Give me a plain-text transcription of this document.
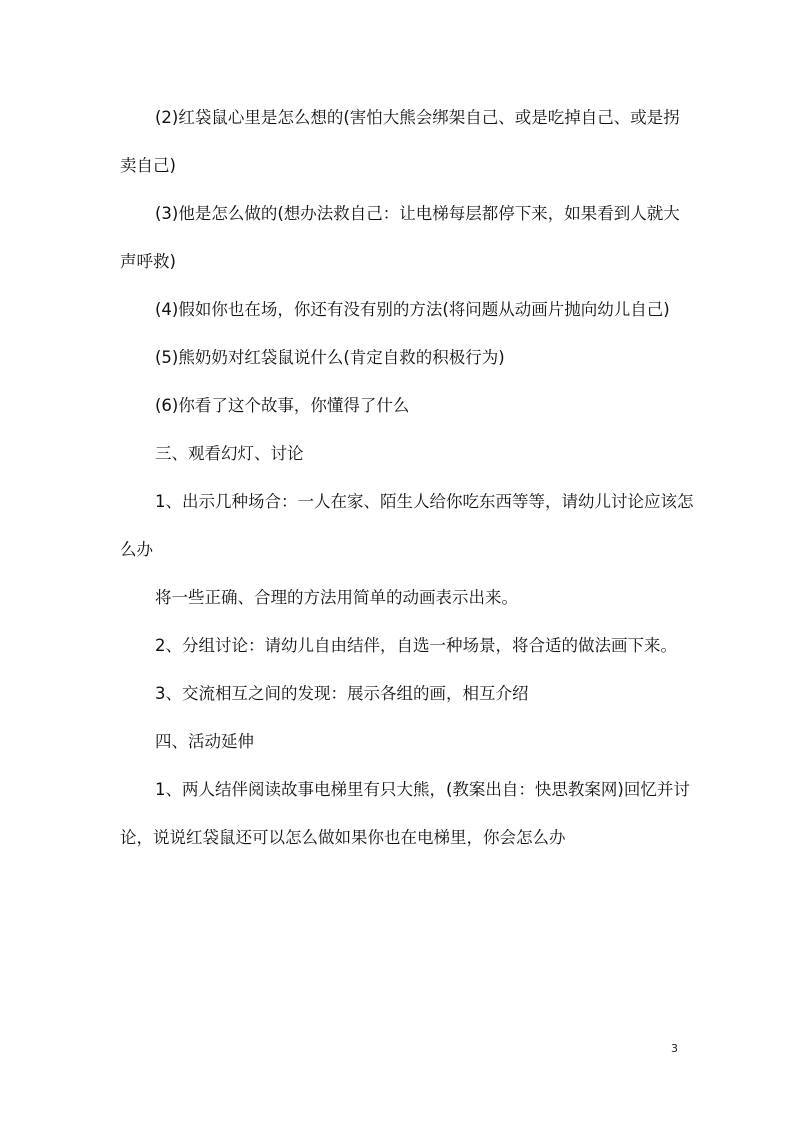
(2)红袋鼠心里是怎么想的(害怕大熊会绑架自己、或是吃掉自己、或是拐卖自己)

(3)他是怎么做的(想办法救自己：让电梯每层都停下来，如果看到人就大声呼救)

(4)假如你也在场，你还有没有别的方法(将问题从动画片抛向幼儿自己)

(5)熊奶奶对红袋鼠说什么(肯定自救的积极行为)

(6)你看了这个故事，你懂得了什么

三、观看幻灯、讨论

1、出示几种场合：一人在家、陌生人给你吃东西等等，请幼儿讨论应该怎么办

将一些正确、合理的方法用简单的动画表示出来。

2、分组讨论：请幼儿自由结伴，自选一种场景，将合适的做法画下来。

3、交流相互之间的发现：展示各组的画，相互介绍

四、活动延伸

1、两人结伴阅读故事电梯里有只大熊，(教案出自：快思教案网)回忆并讨论，说说红袋鼠还可以怎么做如果你也在电梯里，你会怎么办

3
